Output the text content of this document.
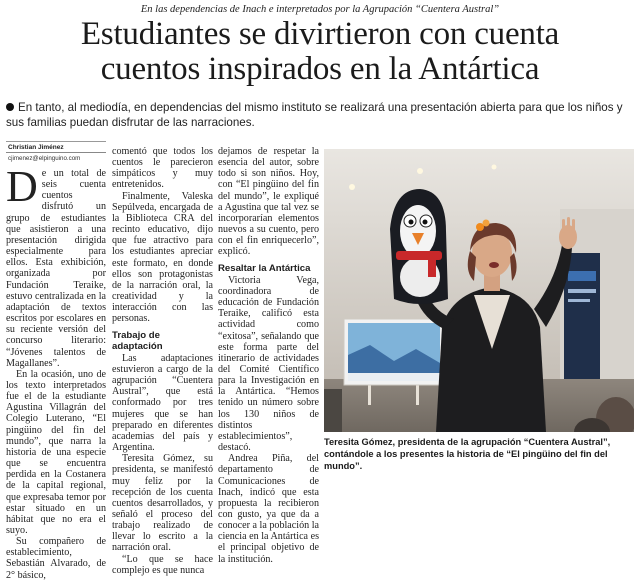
En las dependencias de Inach e interpretados por la Agrupación “Cuentera Austral”
Estudiantes se divirtieron con cuenta
cuentos inspirados en la Antártica
En tanto, al mediodía, en dependencias del mismo instituto se realizará una presentación abierta para que los niños y sus familias puedan disfrutar de las narraciones.
Christian Jiménez
cjimenez@elpinguino.com
D e un total de seis cuenta cuentos disfrutó un grupo de estudiantes que asistieron a una presentación dirigida especialmente para ellos. Esta exhibición, organizada por Fundación Teraike, estuvo centralizada en la adaptación de textos escritos por escolares en su reciente versión del concurso literario: “Jóvenes talentos de Magallanes”.

En la ocasión, uno de los texto interpretados fue el de la estudiante Agustina Villagrán del Colegio Luterano, “El pingüino del fin del mundo”, que narra la historia de una especie que se encuentra perdida en la Costanera de la capital regional, que expresaba temor por estar situado en un hábitat que no era el suyo.

Su compañero de establecimiento, Sebastián Alvarado, de 2° básico,

comentó que todos los cuentos le parecieron simpáticos y muy entretenidos.

Finalmente, Valeska Sepúlveda, encargada de la Biblioteca CRA del recinto educativo, dijo que fue atractivo para los estudiantes apreciar este formato, en donde ellos son protagonistas de la narración oral, la creatividad y la interacción con las personas.

Trabajo de adaptación

Las adaptaciones estuvieron a cargo de la agrupación “Cuentera Austral”, que está conformado por tres mujeres que se han preparado en diferentes academias del país y Argentina.

Teresita Gómez, su presidenta, se manifestó muy feliz por la recepción de los cuenta cuentos desarrollados, y señaló el proceso del trabajo realizado de llevar lo escrito a la narración oral.

“Lo que se hace complejo es que nunca

dejamos de respetar la esencia del autor, sobre todo si son niños. Hoy, con “El pingüino del fin del mundo”, le expliqué a Agustina que tal vez se incorporarían elementos nuevos a su cuento, pero con el fin enriquecerlo”, explicó.

Resaltar la Antártica

Victoria Vega, coordinadora de educación de Fundación Teraike, calificó esta actividad como “exitosa”, señalando que este forma parte del itinerario de actividades del Comité Científico para la Investigación en la Antártica. “Hemos tenido un número sobre los 130 niños de distintos establecimientos”, destacó.

Andrea Piña, del departamento de Comunicaciones de Inach, indicó que esta propuesta la recibieron con gusto, ya que da a conocer a la población la ciencia en la Antártica es el principal objetivo de la institución.

Teresita Gómez, presidenta de la agrupación “Cuentera Austral”, contándole a los presentes la historia de “El pingüino del fin del mundo”.
